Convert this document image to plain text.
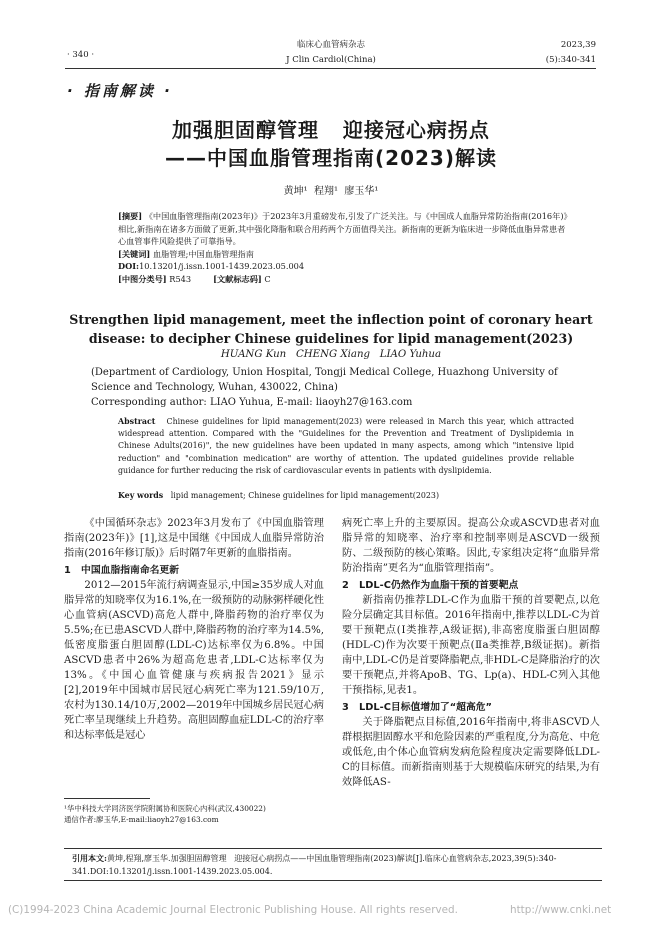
· 340 ·
临床心血管病杂志
J Clin Cardiol(China)
2023,39
(5):340-341
· 指南解读 ·
加强胆固醇管理   迎接冠心病拐点
——中国血脂管理指南(2023)解读
黄坤¹  程翔¹  廖玉华¹
[摘要] 《中国血脂管理指南(2023年)》于2023年3月重磅发布,引发了广泛关注。与《中国成人血脂异常防治指南(2016年)》相比,新指南在诸多方面做了更新,其中强化降脂和联合用药两个方面值得关注。新指南的更新为临床进一步降低血脂异常患者心血管事件风险提供了可靠指导。
[关键词] 血脂管理;中国血脂管理指南
DOI:10.13201/j.issn.1001-1439.2023.05.004
[中图分类号] R543	[文献标志码] C
Strengthen lipid management, meet the inflection point of coronary heart
disease: to decipher Chinese guidelines for lipid management(2023)
HUANG Kun   CHENG Xiang   LIAO Yuhua
(Department of Cardiology, Union Hospital, Tongji Medical College, Huazhong University of
Science and Technology, Wuhan, 430022, China)
Corresponding author: LIAO Yuhua, E-mail: liaoyh27@163.com
Abstract Chinese guidelines for lipid management(2023) were released in March this year, which attracted widespread attention. Compared with the "Guidelines for the Prevention and Treatment of Dyslipidemia in Chinese Adults(2016)", the new guidelines have been updated in many aspects, among which "intensive lipid reduction" and "combination medication" are worthy of attention. The updated guidelines provide reliable guidance for further reducing the risk of cardiovascular events in patients with dyslipidemia.
Key words lipid management; Chinese guidelines for lipid management(2023)

《中国循环杂志》2023年3月发布了《中国血脂管理指南(2023年)》[1],这是中国继《中国成人血脂异常防治指南(2016年修订版)》后时隔7年更新的血脂指南。

1   中国血脂指南命名更新

2012—2015年流行病调查显示,中国≥35岁成人对血脂异常的知晓率仅为16.1%,在一级预防的动脉粥样硬化性心血管病(ASCVD)高危人群中,降脂药物的治疗率仅为5.5%;在已患ASCVD人群中,降脂药物的治疗率为14.5%,低密度脂蛋白胆固醇(LDL-C)达标率仅为6.8%。中国ASCVD患者中26%为超高危患者,LDL-C达标率仅为13%。《中国心血管健康与疾病报告2021》显示[2],2019年中国城市居民冠心病死亡率为121.59/10万,农村为130.14/10万,2002—2019年中国城乡居民冠心病死亡率呈现继续上升趋势。高胆固醇血症LDL-C的治疗率和达标率低是冠心

¹华中科技大学同济医学院附属协和医院心内科(武汉,430022)
通信作者:廖玉华,E-mail:liaoyh27@163.com
病死亡率上升的主要原因。提高公众或ASCVD患者对血脂异常的知晓率、治疗率和控制率则是ASCVD一级预防、二级预防的核心策略。因此,专家组决定将“血脂异常防治指南”更名为“血脂管理指南”。
2   LDL-C仍然作为血脂干预的首要靶点

新指南仍推荐LDL-C作为血脂干预的首要靶点,以危险分层确定其目标值。2016年指南中,推荐以LDL-C为首要干预靶点(Ⅰ类推荐,A级证据),非高密度脂蛋白胆固醇(HDL-C)作为次要干预靶点(Ⅱa类推荐,B级证据)。新指南中,LDL-C仍是首要降脂靶点,非HDL-C是降脂治疗的次要干预靶点,并将ApoB、TG、Lp(a)、HDL-C列入其他干预指标,见表1。

3   LDL-C目标值增加了“超高危”

关于降脂靶点目标值,2016年指南中,将非ASCVD人群根据胆固醇水平和危险因素的严重程度,分为高危、中危或低危,由个体心血管病发病危险程度决定需要降低LDL-C的目标值。而新指南则基于大规模临床研究的结果,为有效降低AS-

引用本文:黄坤,程翔,廖玉华.加强胆固醇管理   迎接冠心病拐点——中国血脂管理指南(2023)解读[J].临床心血管病杂志,2023,39(5):340-341.DOI:10.13201/j.issn.1001-1439.2023.05.004.
(C)1994-2023 China Academic Journal Electronic Publishing House. All rights reserved.	http://www.cnki.net
